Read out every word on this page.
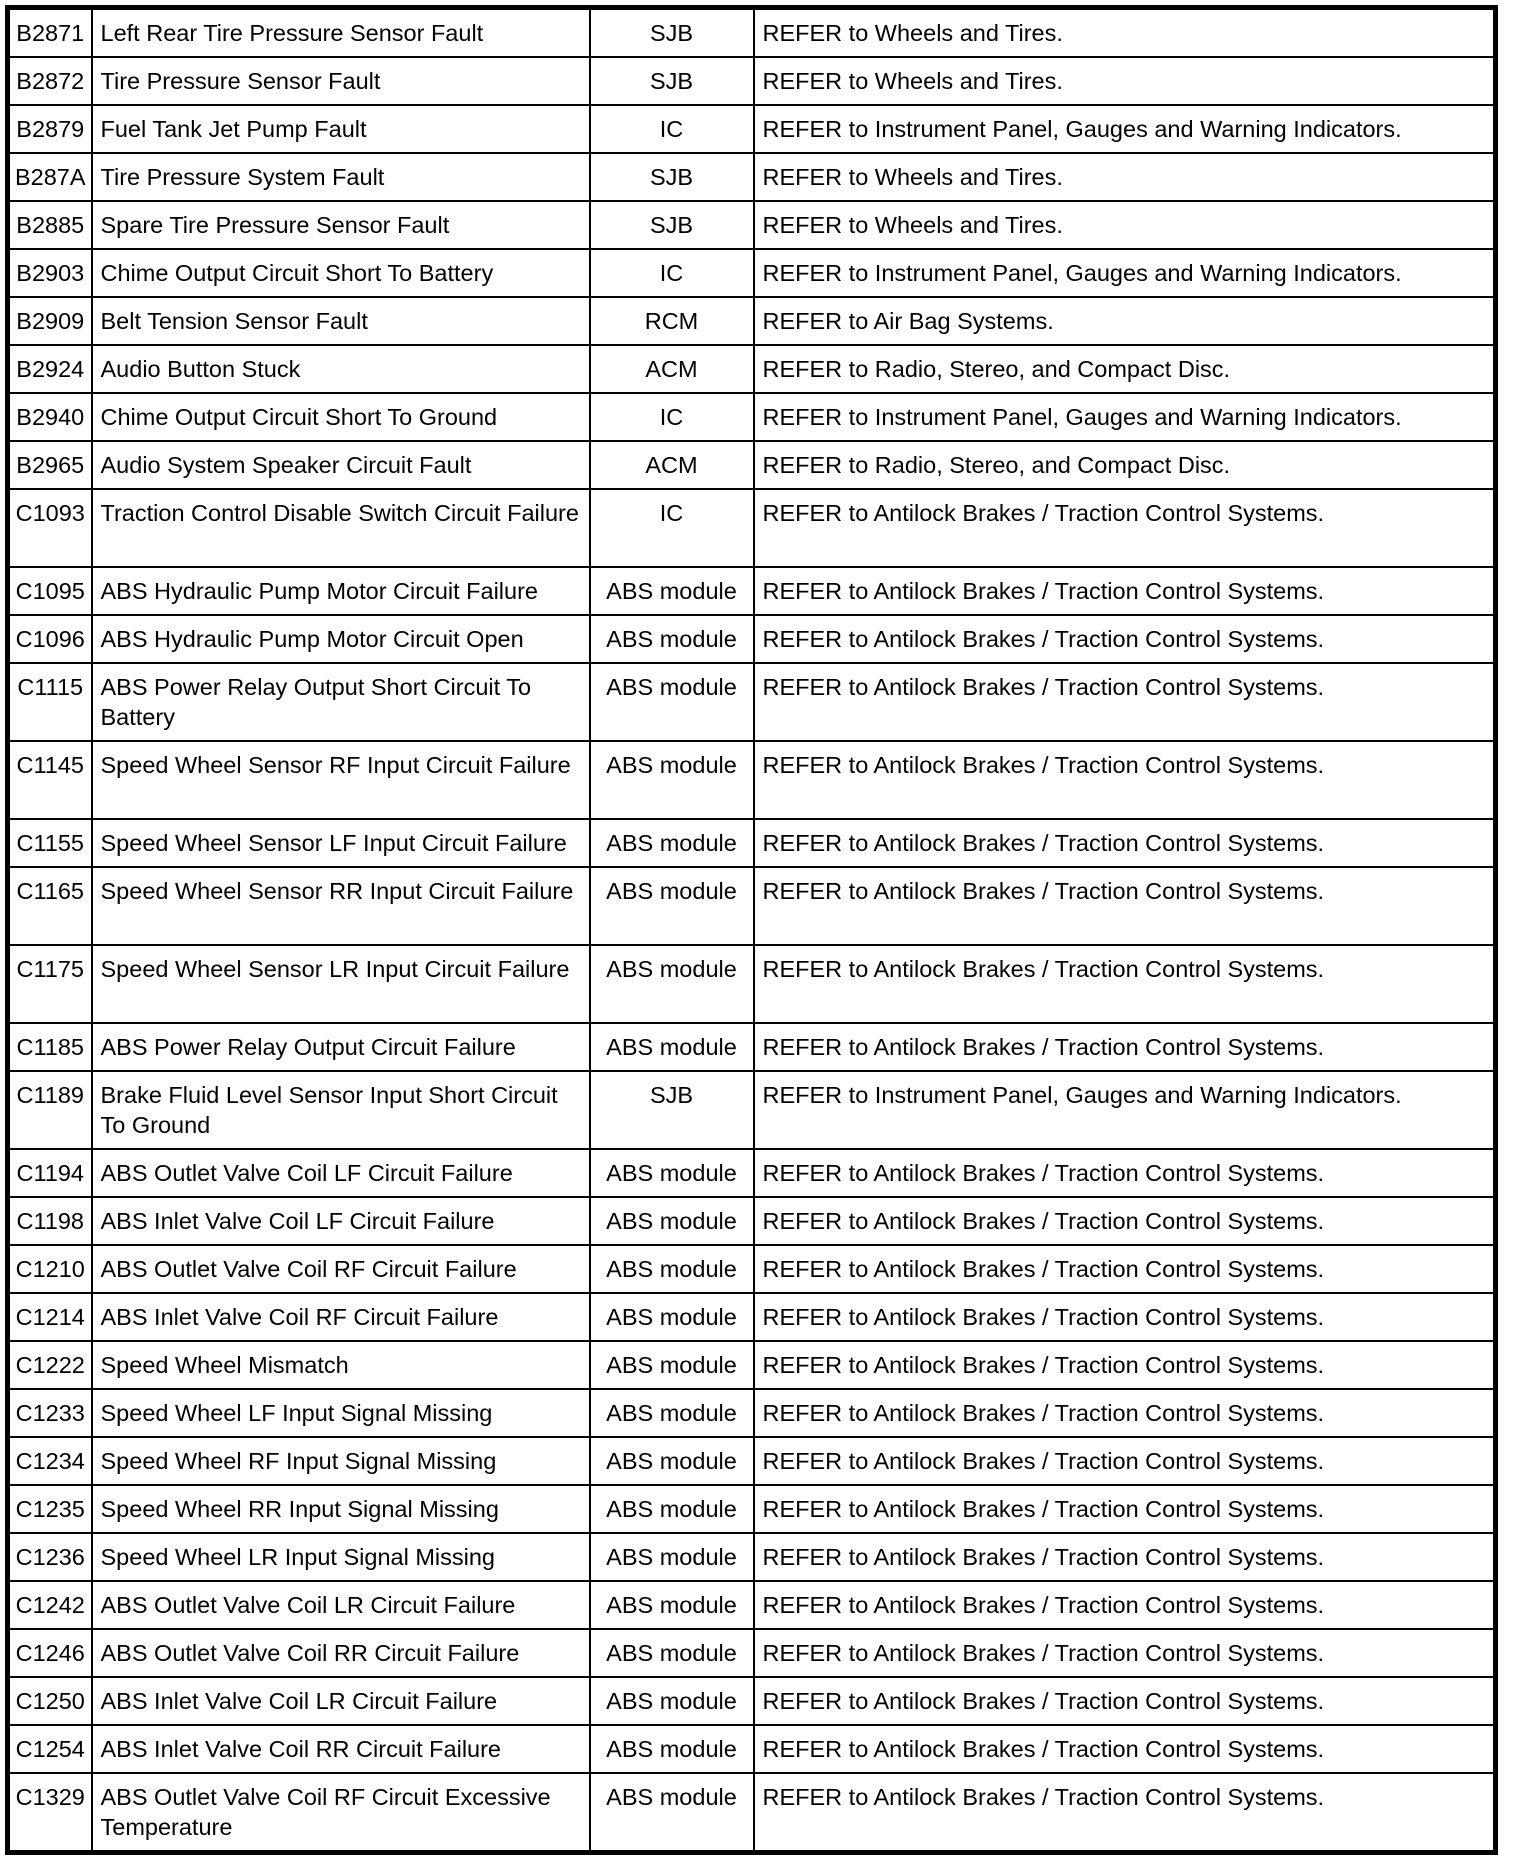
B2871	Left Rear Tire Pressure Sensor Fault	SJB	REFER to Wheels and Tires.
B2872	Tire Pressure Sensor Fault	SJB	REFER to Wheels and Tires.
B2879	Fuel Tank Jet Pump Fault	IC	REFER to Instrument Panel, Gauges and Warning Indicators.
B287A	Tire Pressure System Fault	SJB	REFER to Wheels and Tires.
B2885	Spare Tire Pressure Sensor Fault	SJB	REFER to Wheels and Tires.
B2903	Chime Output Circuit Short To Battery	IC	REFER to Instrument Panel, Gauges and Warning Indicators.
B2909	Belt Tension Sensor Fault	RCM	REFER to Air Bag Systems.
B2924	Audio Button Stuck	ACM	REFER to Radio, Stereo, and Compact Disc.
B2940	Chime Output Circuit Short To Ground	IC	REFER to Instrument Panel, Gauges and Warning Indicators.
B2965	Audio System Speaker Circuit Fault	ACM	REFER to Radio, Stereo, and Compact Disc.
C1093	Traction Control Disable Switch Circuit Failure	IC	REFER to Antilock Brakes / Traction Control Systems.
C1095	ABS Hydraulic Pump Motor Circuit Failure	ABS module	REFER to Antilock Brakes / Traction Control Systems.
C1096	ABS Hydraulic Pump Motor Circuit Open	ABS module	REFER to Antilock Brakes / Traction Control Systems.
C1115	ABS Power Relay Output Short Circuit To Battery	ABS module	REFER to Antilock Brakes / Traction Control Systems.
C1145	Speed Wheel Sensor RF Input Circuit Failure	ABS module	REFER to Antilock Brakes / Traction Control Systems.
C1155	Speed Wheel Sensor LF Input Circuit Failure	ABS module	REFER to Antilock Brakes / Traction Control Systems.
C1165	Speed Wheel Sensor RR Input Circuit Failure	ABS module	REFER to Antilock Brakes / Traction Control Systems.
C1175	Speed Wheel Sensor LR Input Circuit Failure	ABS module	REFER to Antilock Brakes / Traction Control Systems.
C1185	ABS Power Relay Output Circuit Failure	ABS module	REFER to Antilock Brakes / Traction Control Systems.
C1189	Brake Fluid Level Sensor Input Short Circuit To Ground	SJB	REFER to Instrument Panel, Gauges and Warning Indicators.
C1194	ABS Outlet Valve Coil LF Circuit Failure	ABS module	REFER to Antilock Brakes / Traction Control Systems.
C1198	ABS Inlet Valve Coil LF Circuit Failure	ABS module	REFER to Antilock Brakes / Traction Control Systems.
C1210	ABS Outlet Valve Coil RF Circuit Failure	ABS module	REFER to Antilock Brakes / Traction Control Systems.
C1214	ABS Inlet Valve Coil RF Circuit Failure	ABS module	REFER to Antilock Brakes / Traction Control Systems.
C1222	Speed Wheel Mismatch	ABS module	REFER to Antilock Brakes / Traction Control Systems.
C1233	Speed Wheel LF Input Signal Missing	ABS module	REFER to Antilock Brakes / Traction Control Systems.
C1234	Speed Wheel RF Input Signal Missing	ABS module	REFER to Antilock Brakes / Traction Control Systems.
C1235	Speed Wheel RR Input Signal Missing	ABS module	REFER to Antilock Brakes / Traction Control Systems.
C1236	Speed Wheel LR Input Signal Missing	ABS module	REFER to Antilock Brakes / Traction Control Systems.
C1242	ABS Outlet Valve Coil LR Circuit Failure	ABS module	REFER to Antilock Brakes / Traction Control Systems.
C1246	ABS Outlet Valve Coil RR Circuit Failure	ABS module	REFER to Antilock Brakes / Traction Control Systems.
C1250	ABS Inlet Valve Coil LR Circuit Failure	ABS module	REFER to Antilock Brakes / Traction Control Systems.
C1254	ABS Inlet Valve Coil RR Circuit Failure	ABS module	REFER to Antilock Brakes / Traction Control Systems.
C1329	ABS Outlet Valve Coil RF Circuit Excessive Temperature	ABS module	REFER to Antilock Brakes / Traction Control Systems.
